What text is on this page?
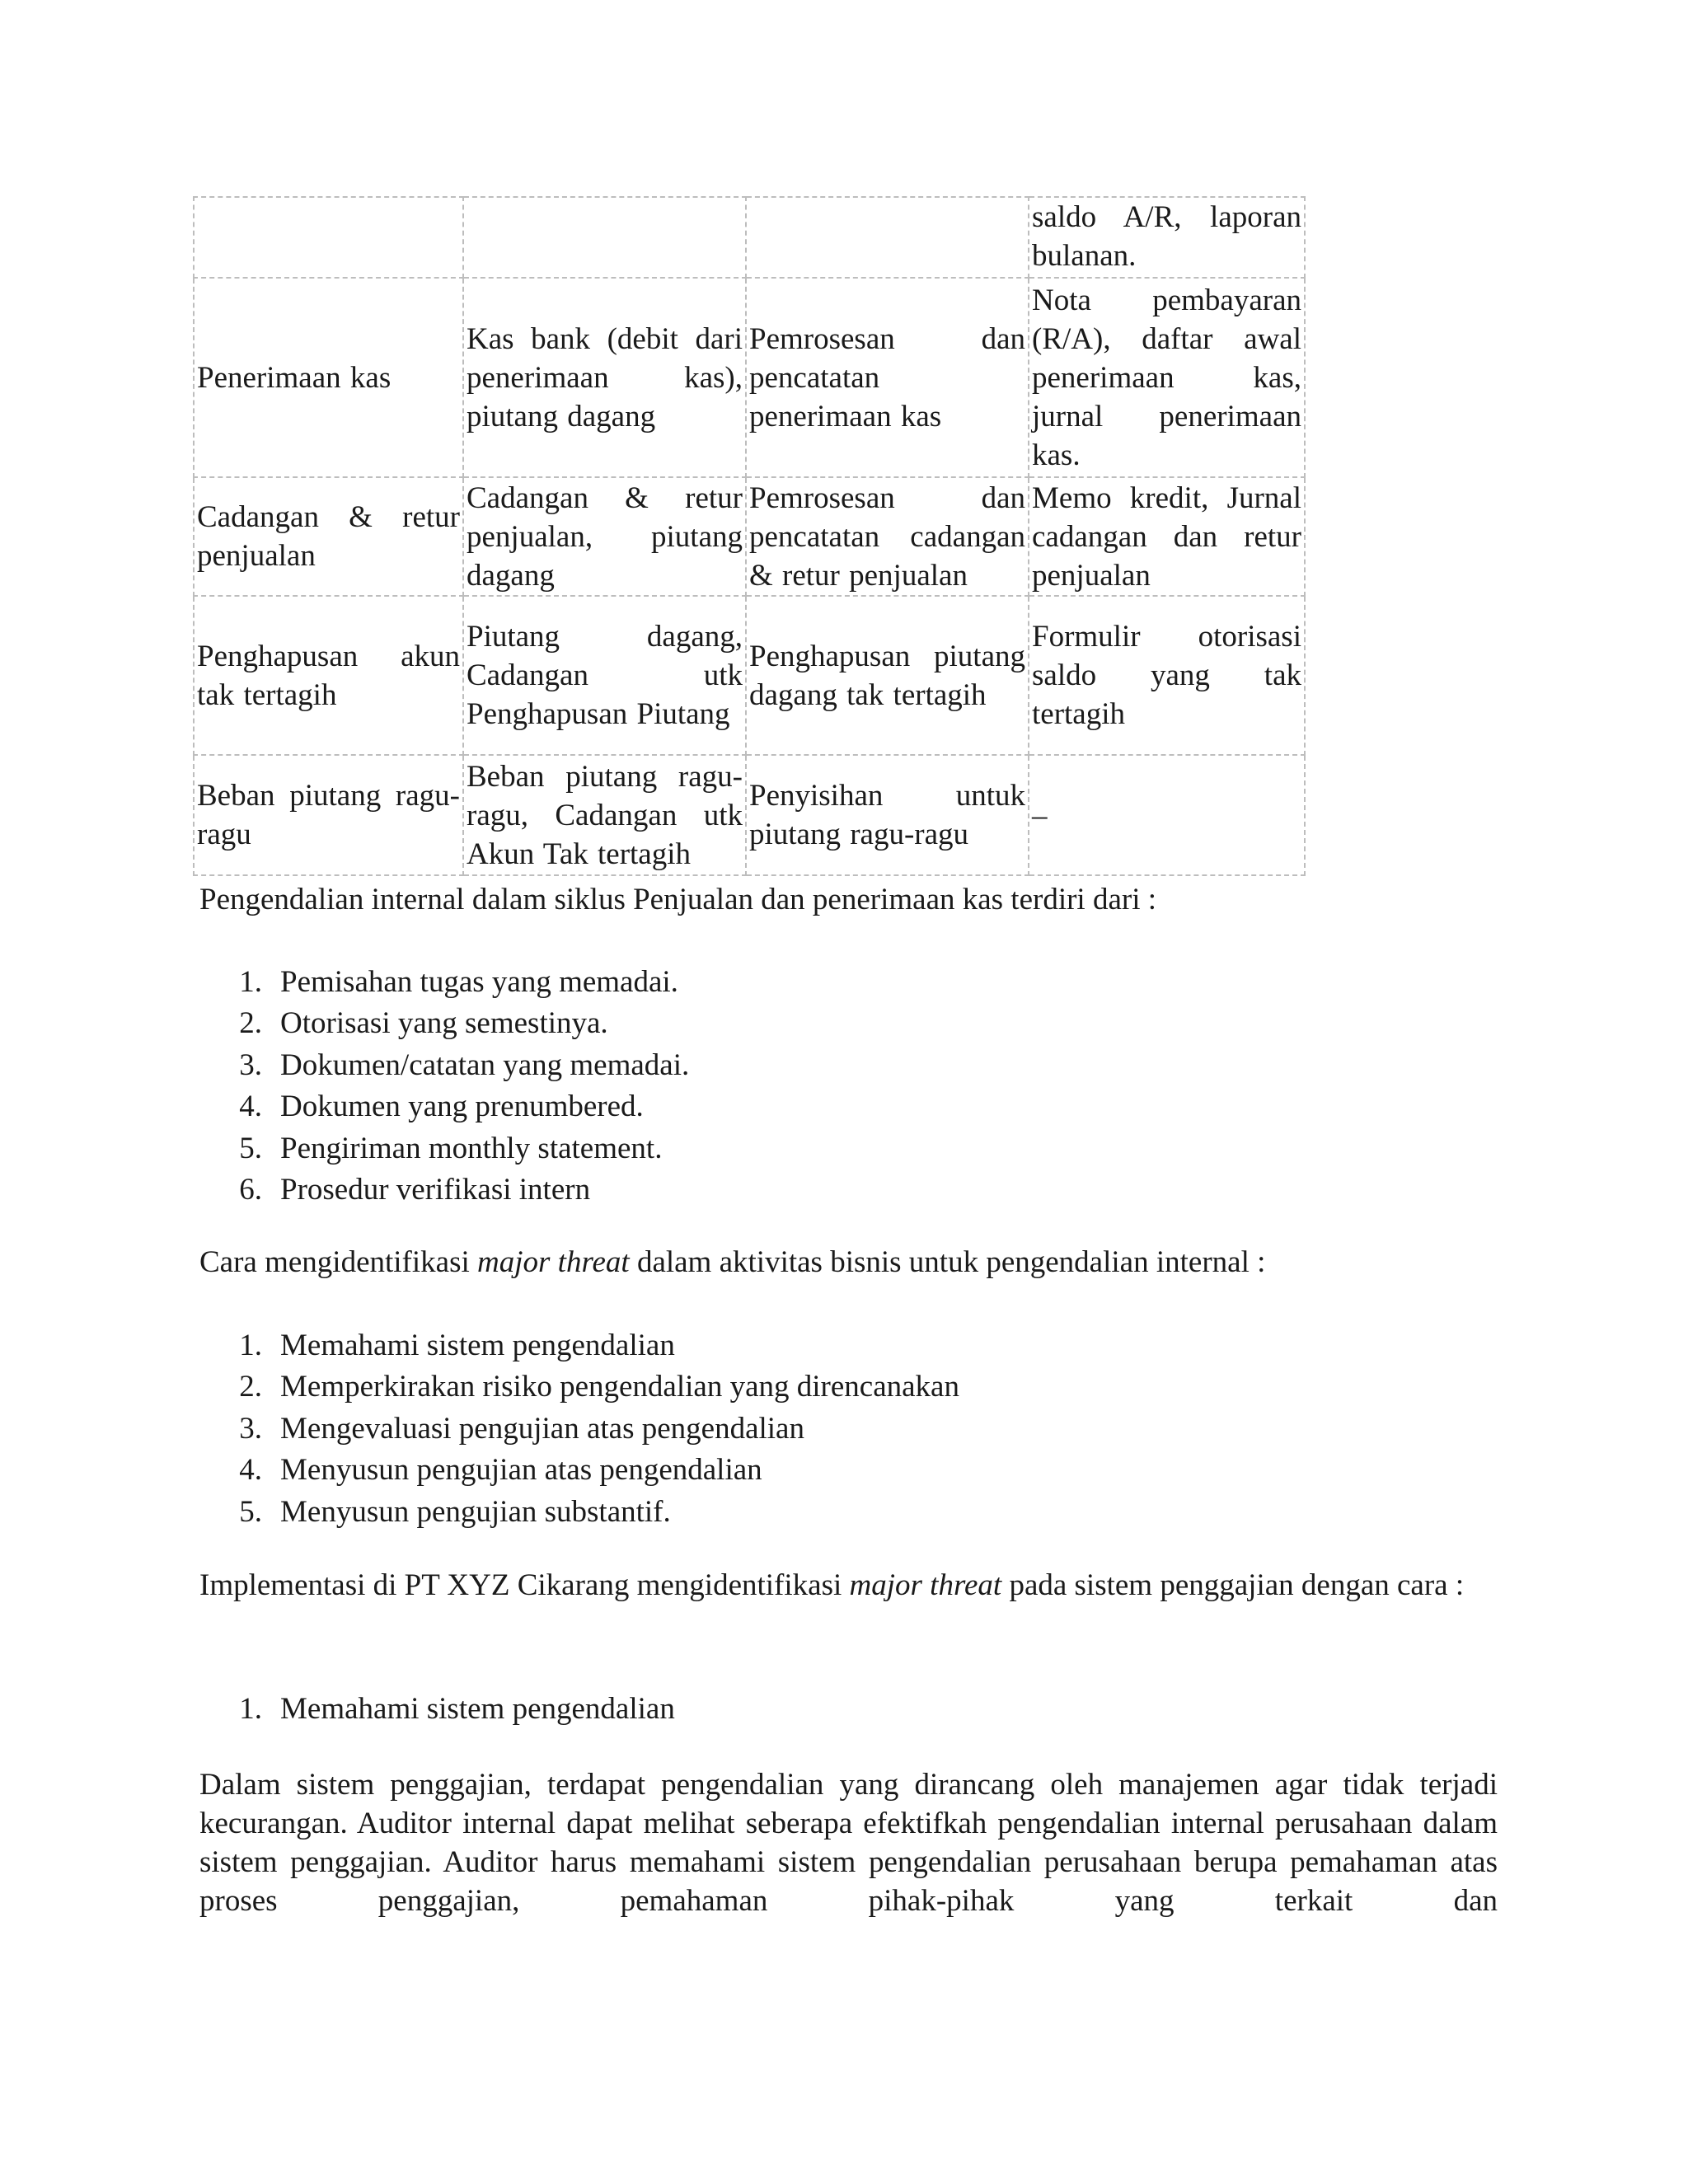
			saldo A/R, laporan bulanan.
Penerimaan kas	Kas bank (debit dari penerimaan kas), piutang dagang	Pemrosesan dan pencatatan penerimaan kas	Nota pembayaran (R/A), daftar awal penerimaan kas, jurnal penerimaan kas.
Cadangan & retur penjualan	Cadangan & retur penjualan, piutang dagang	Pemrosesan dan pencatatan cadangan & retur penjualan	Memo kredit, Jurnal cadangan dan retur penjualan
Penghapusan akun tak tertagih	Piutang dagang, Cadangan utk Penghapusan Piutang	Penghapusan piutang dagang tak tertagih	Formulir otorisasi saldo yang tak tertagih
Beban piutang ragu-ragu	Beban piutang ragu-ragu, Cadangan utk Akun Tak tertagih	Penyisihan untuk piutang ragu-ragu	–

Pengendalian internal dalam siklus Penjualan dan penerimaan kas terdiri dari :

1. Pemisahan tugas yang memadai.
2. Otorisasi yang semestinya.
3. Dokumen/catatan yang memadai.
4. Dokumen yang prenumbered.
5. Pengiriman monthly statement.
6. Prosedur verifikasi intern

Cara mengidentifikasi major threat dalam aktivitas bisnis untuk pengendalian internal :

1. Memahami sistem pengendalian
2. Memperkirakan risiko pengendalian yang direncanakan
3. Mengevaluasi pengujian atas pengendalian
4. Menyusun pengujian atas pengendalian
5. Menyusun pengujian substantif.

Implementasi di PT XYZ Cikarang mengidentifikasi major threat pada sistem penggajian dengan cara :

1. Memahami sistem pengendalian

Dalam sistem penggajian, terdapat pengendalian yang dirancang oleh manajemen agar tidak terjadi kecurangan. Auditor internal dapat melihat seberapa efektifkah pengendalian internal perusahaan dalam sistem penggajian. Auditor harus memahami sistem pengendalian perusahaan berupa pemahaman atas proses penggajian, pemahaman pihak-pihak yang terkait dan
